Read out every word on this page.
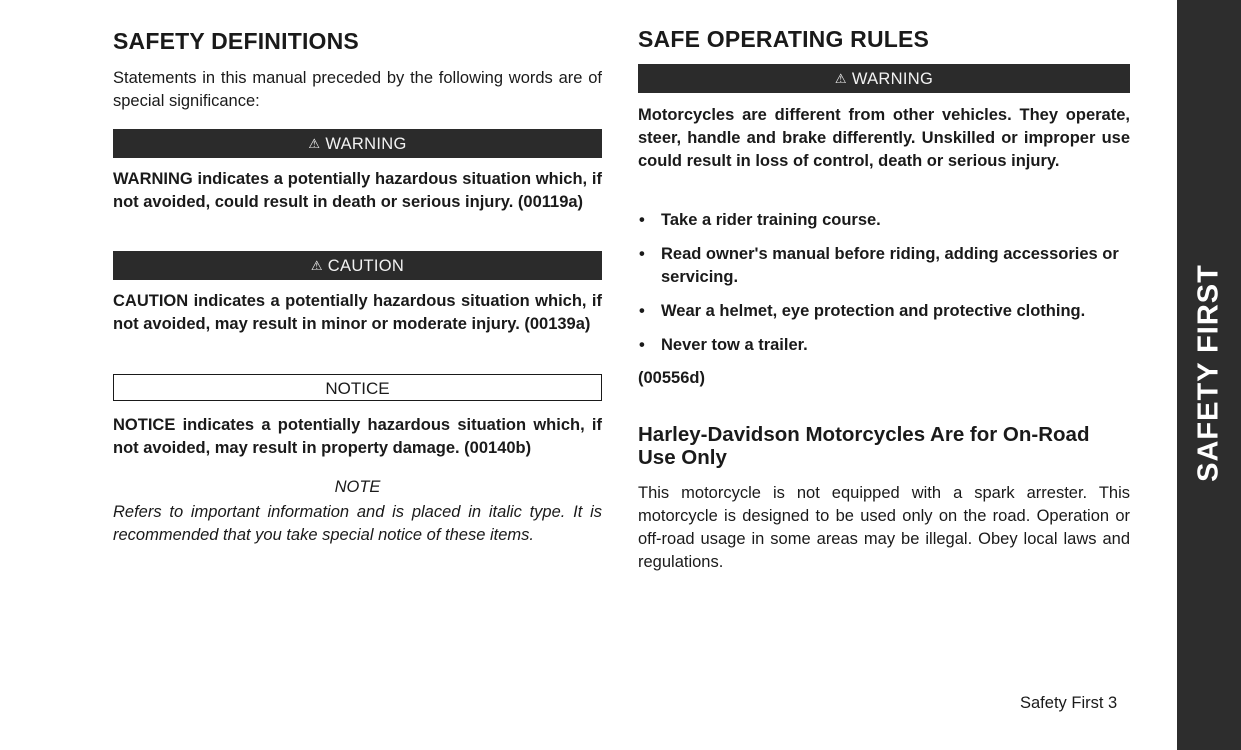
SAFETY DEFINITIONS

Statements in this manual preceded by the following words are of special significance:

⚠ WARNING

WARNING indicates a potentially hazardous situation which, if not avoided, could result in death or serious injury. (00119a)

⚠ CAUTION

CAUTION indicates a potentially hazardous situation which, if not avoided, may result in minor or moderate injury. (00139a)

NOTICE

NOTICE indicates a potentially hazardous situation which, if not avoided, may result in property damage. (00140b)

NOTE

Refers to important information and is placed in italic type. It is recommended that you take special notice of these items.

SAFE OPERATING RULES
⚠ WARNING

Motorcycles are different from other vehicles. They operate, steer, handle and brake differently. Unskilled or improper use could result in loss of control, death or serious injury.

• Take a rider training course.
• Read owner's manual before riding, adding accessories or servicing.
• Wear a helmet, eye protection and protective clothing.
• Never tow a trailer.
(00556d)
Harley-Davidson Motorcycles Are for On-Road Use Only

This motorcycle is not equipped with a spark arrester. This motorcycle is designed to be used only on the road. Operation or off-road usage in some areas may be illegal. Obey local laws and regulations.

Safety First 3
SAFETY FIRST
